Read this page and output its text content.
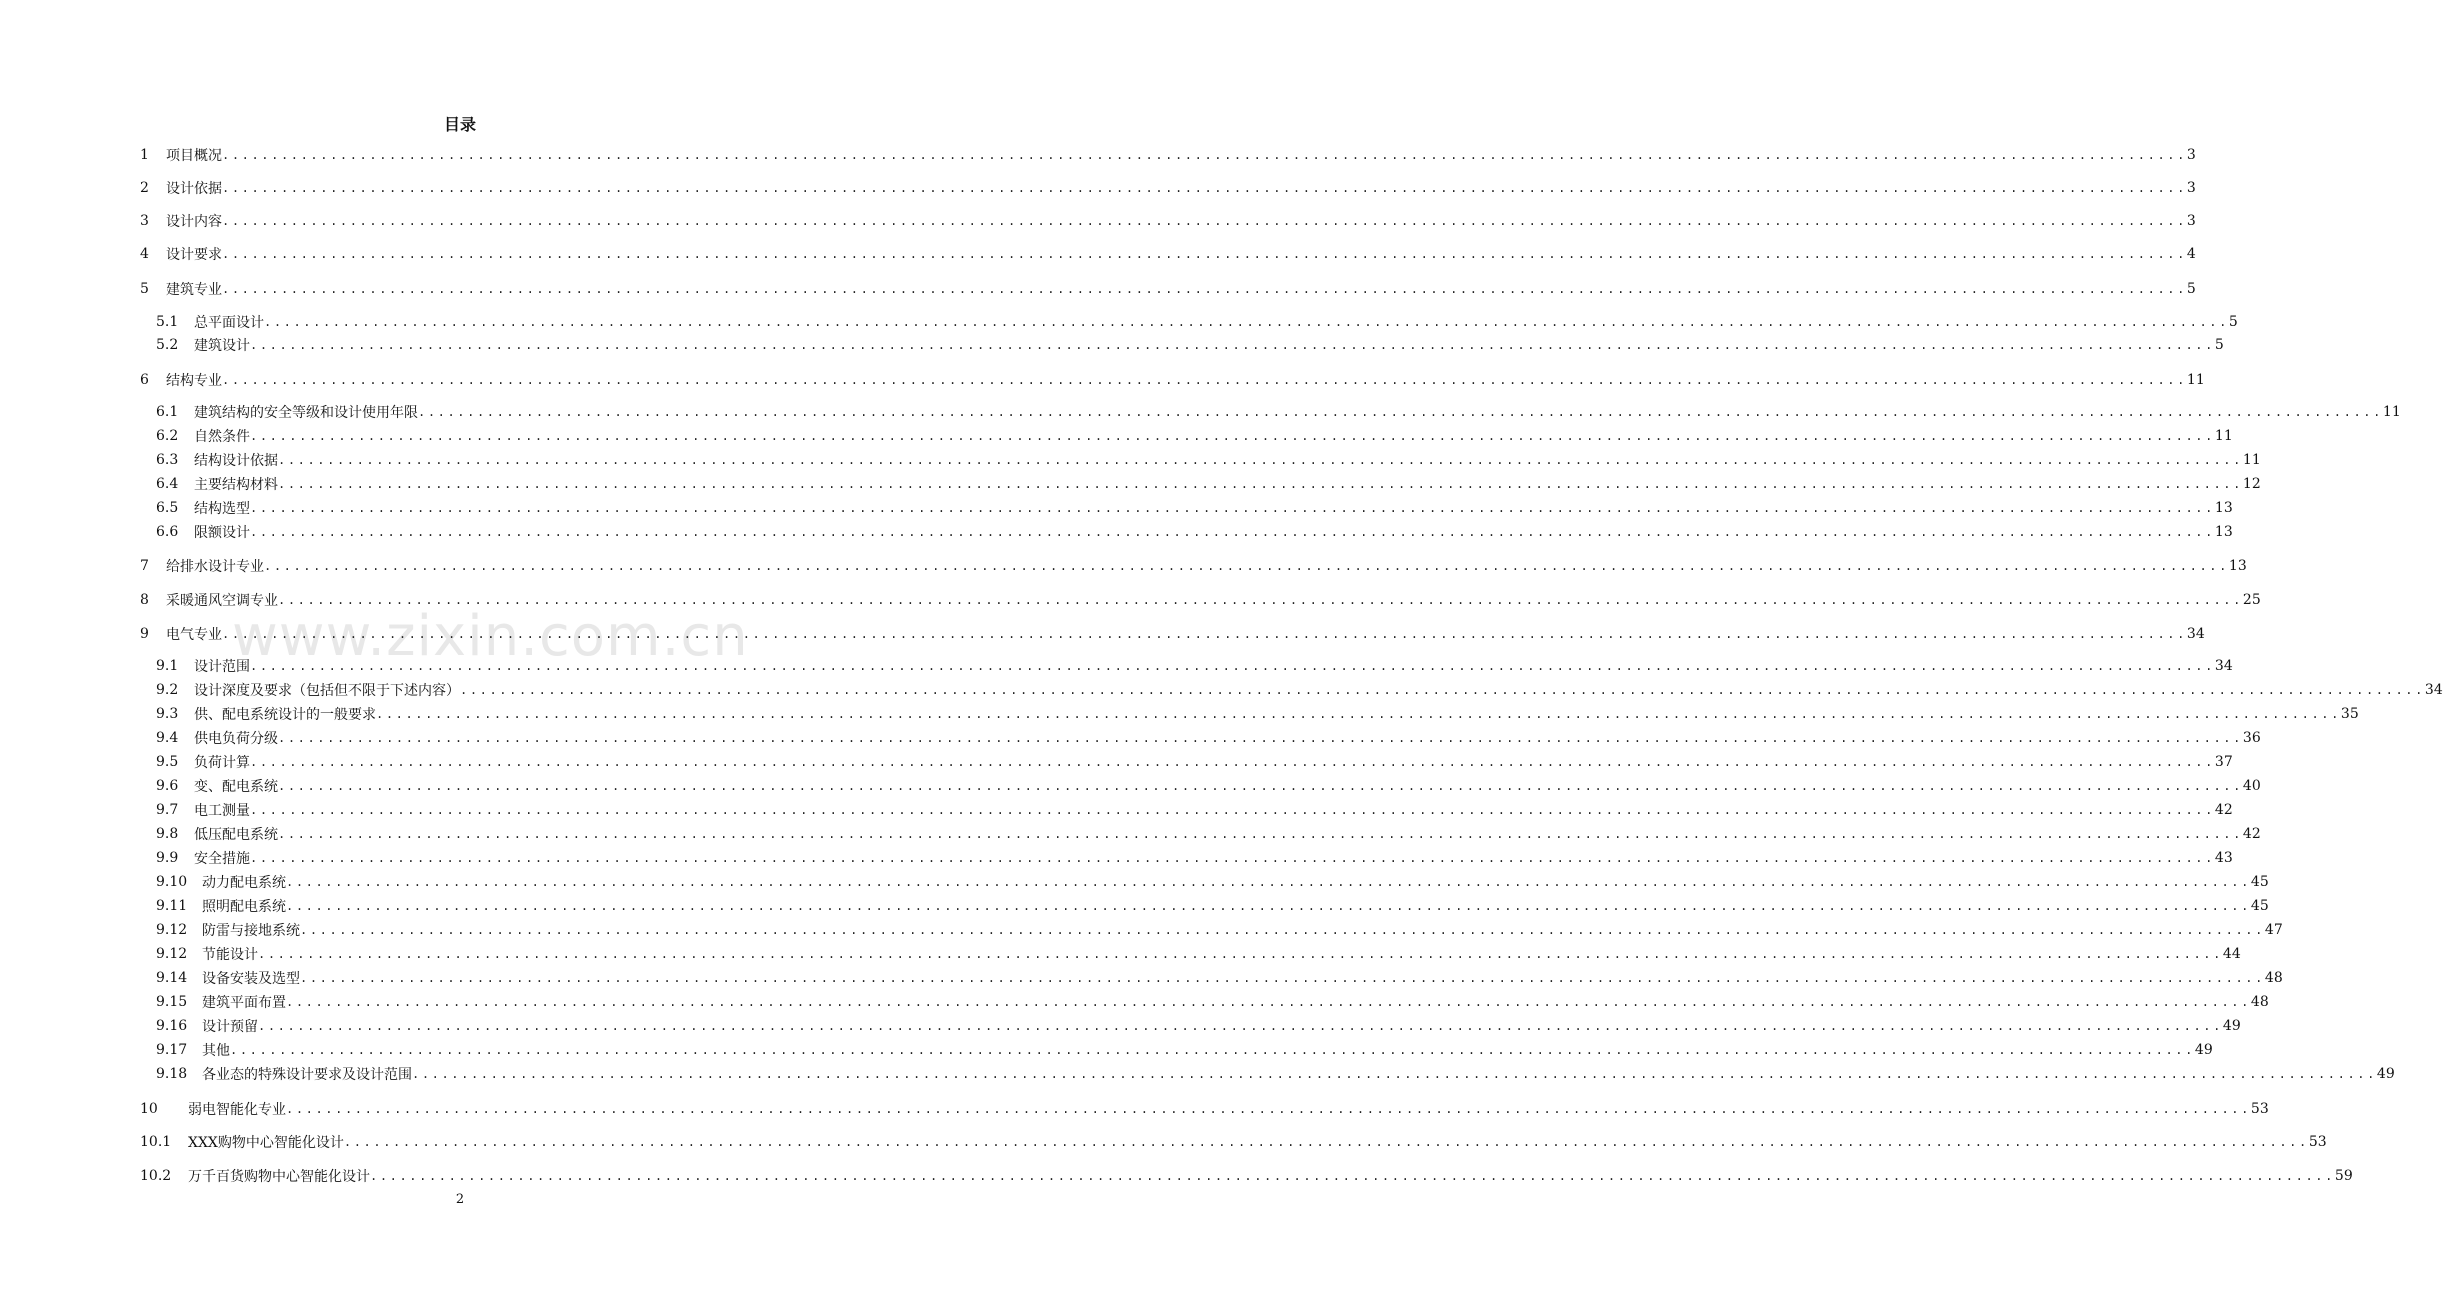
www.zixin.com.cn
目录
1	项目概况 ........................................................................................................................................................................................................ 3
2	设计依据 ........................................................................................................................................................................................................ 3
3	设计内容 ........................................................................................................................................................................................................ 3
4	设计要求 ........................................................................................................................................................................................................ 4
5	建筑专业 ........................................................................................................................................................................................................ 5
5.1	总平面设计 ........................................................................................................................................................................................................ 5
5.2	建筑设计 ........................................................................................................................................................................................................ 5
6	结构专业 ........................................................................................................................................................................................................ 11
6.1	建筑结构的安全等级和设计使用年限 ........................................................................................................................................................................................................ 11
6.2	自然条件 ........................................................................................................................................................................................................ 11
6.3	结构设计依据 ........................................................................................................................................................................................................ 11
6.4	主要结构材料 ........................................................................................................................................................................................................ 12
6.5	结构选型 ........................................................................................................................................................................................................ 13
6.6	限额设计 ........................................................................................................................................................................................................ 13
7	给排水设计专业 ........................................................................................................................................................................................................ 13
8	采暖通风空调专业 ........................................................................................................................................................................................................ 25
9	电气专业 ........................................................................................................................................................................................................ 34
9.1	设计范围 ........................................................................................................................................................................................................ 34
9.2	设计深度及要求（包括但不限于下述内容） ........................................................................................................................................................................................................ 34
9.3	供、配电系统设计的一般要求 ........................................................................................................................................................................................................ 35
9.4	供电负荷分级 ........................................................................................................................................................................................................ 36
9.5	负荷计算 ........................................................................................................................................................................................................ 37
9.6	变、配电系统 ........................................................................................................................................................................................................ 40
9.7	电工测量 ........................................................................................................................................................................................................ 42
9.8	低压配电系统 ........................................................................................................................................................................................................ 42
9.9	安全措施 ........................................................................................................................................................................................................ 43
9.10	动力配电系统 ........................................................................................................................................................................................................ 45
9.11	照明配电系统 ........................................................................................................................................................................................................ 45
9.12	防雷与接地系统 ........................................................................................................................................................................................................ 47
9.12	节能设计 ........................................................................................................................................................................................................ 44
9.14	设备安装及选型 ........................................................................................................................................................................................................ 48
9.15	建筑平面布置 ........................................................................................................................................................................................................ 48
9.16	设计预留 ........................................................................................................................................................................................................ 49
9.17	其他 ........................................................................................................................................................................................................ 49
9.18	各业态的特殊设计要求及设计范围 ........................................................................................................................................................................................................ 49
10	弱电智能化专业 ........................................................................................................................................................................................................ 53
10.1	XXX购物中心智能化设计 ........................................................................................................................................................................................................ 53
10.2	万千百货购物中心智能化设计 ........................................................................................................................................................................................................ 59
2
